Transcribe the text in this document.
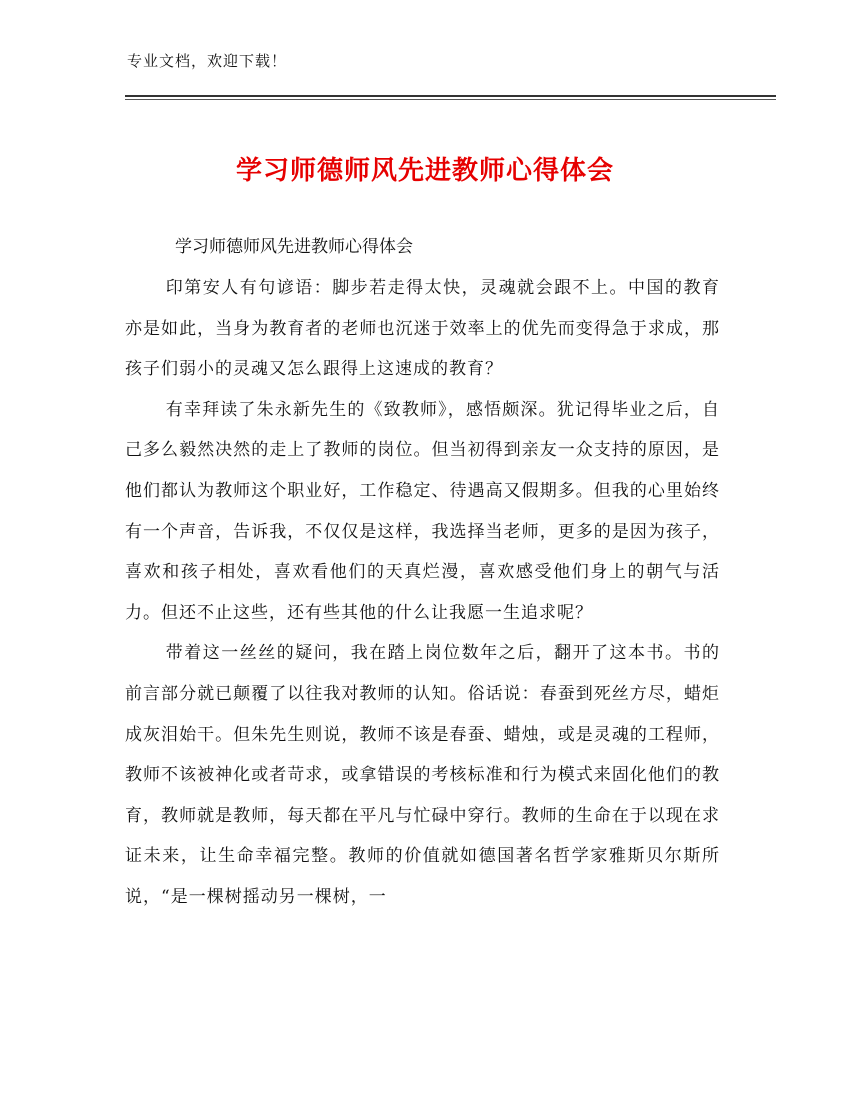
专业文档，欢迎下载！
学习师德师风先进教师心得体会
学习师德师风先进教师心得体会

印第安人有句谚语：脚步若走得太快，灵魂就会跟不上。中国的教育亦是如此，当身为教育者的老师也沉迷于效率上的优先而变得急于求成，那孩子们弱小的灵魂又怎么跟得上这速成的教育？

有幸拜读了朱永新先生的《致教师》，感悟颇深。犹记得毕业之后，自己多么毅然决然的走上了教师的岗位。但当初得到亲友一众支持的原因，是他们都认为教师这个职业好，工作稳定、待遇高又假期多。但我的心里始终有一个声音，告诉我，不仅仅是这样，我选择当老师，更多的是因为孩子，喜欢和孩子相处，喜欢看他们的天真烂漫，喜欢感受他们身上的朝气与活力。但还不止这些，还有些其他的什么让我愿一生追求呢？

带着这一丝丝的疑问，我在踏上岗位数年之后，翻开了这本书。书的前言部分就已颠覆了以往我对教师的认知。俗话说：春蚕到死丝方尽，蜡炬成灰泪始干。但朱先生则说，教师不该是春蚕、蜡烛，或是灵魂的工程师，教师不该被神化或者苛求，或拿错误的考核标准和行为模式来固化他们的教育，教师就是教师，每天都在平凡与忙碌中穿行。教师的生命在于以现在求证未来，让生命幸福完整。教师的价值就如德国著名哲学家雅斯贝尔斯所说，“是一棵树摇动另一棵树，一
